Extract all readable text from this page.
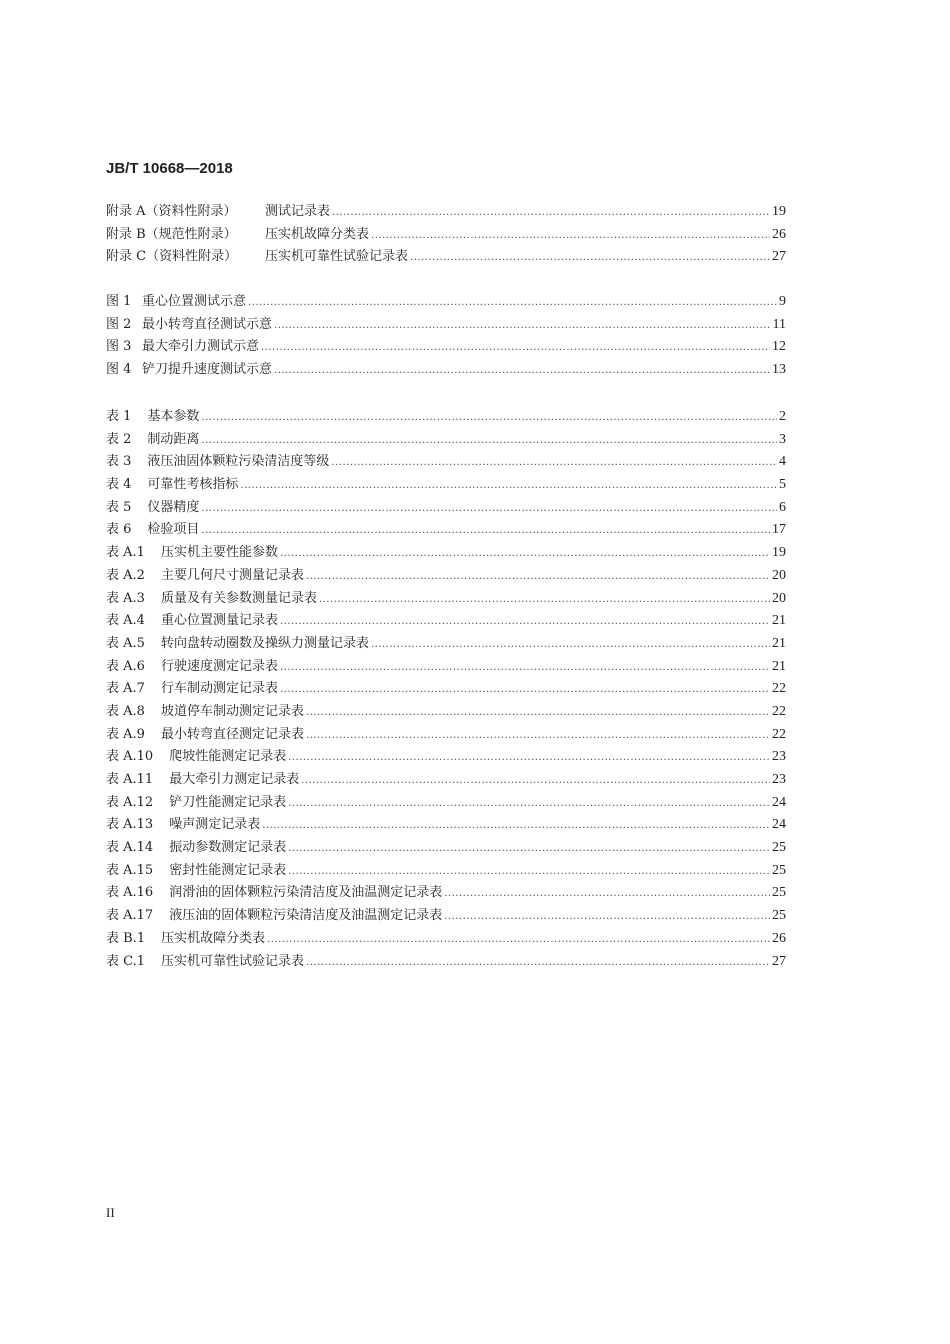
JB/T 10668—2018
附录 A（资料性附录）	测试记录表 .....	19
附录 B（规范性附录）	压实机故障分类表 .....	26
附录 C（资料性附录）	压实机可靠性试验记录表 .....	27
图 1 重心位置测试示意 .....	9
图 2 最小转弯直径测试示意 .....	11
图 3 最大牵引力测试示意 .....	12
图 4 铲刀提升速度测试示意 .....	13
表 1 基本参数 .....	2
表 2 制动距离 .....	3
表 3 液压油固体颗粒污染清洁度等级 .....	4
表 4 可靠性考核指标 .....	5
表 5 仪器精度 .....	6
表 6 检验项目 .....	17
表 A.1 压实机主要性能参数 .....	19
表 A.2 主要几何尺寸测量记录表 .....	20
表 A.3 质量及有关参数测量记录表 .....	20
表 A.4 重心位置测量记录表 .....	21
表 A.5 转向盘转动圈数及操纵力测量记录表 .....	21
表 A.6 行驶速度测定记录表 .....	21
表 A.7 行车制动测定记录表 .....	22
表 A.8 坡道停车制动测定记录表 .....	22
表 A.9 最小转弯直径测定记录表 .....	22
表 A.10 爬坡性能测定记录表 .....	23
表 A.11 最大牵引力测定记录表 .....	23
表 A.12 铲刀性能测定记录表 .....	24
表 A.13 噪声测定记录表 .....	24
表 A.14 振动参数测定记录表 .....	25
表 A.15 密封性能测定记录表 .....	25
表 A.16 润滑油的固体颗粒污染清洁度及油温测定记录表 .....	25
表 A.17 液压油的固体颗粒污染清洁度及油温测定记录表 .....	25
表 B.1 压实机故障分类表 .....	26
表 C.1 压实机可靠性试验记录表 .....	27
II
